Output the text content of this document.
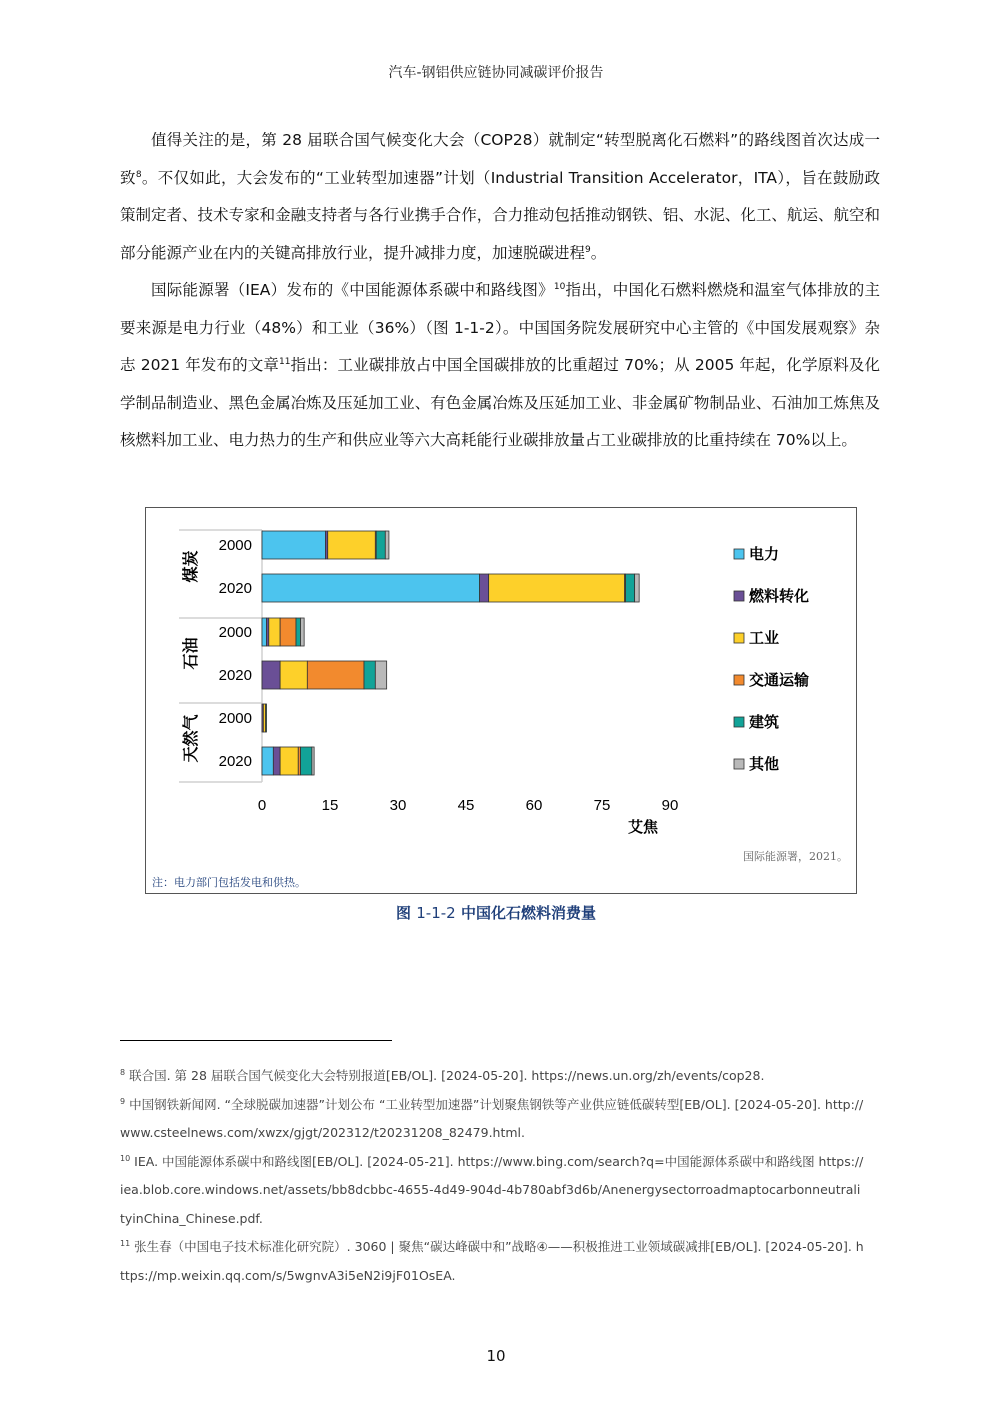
汽车-钢铝供应链协同减碳评价报告

值得关注的是，第 28 届联合国气候变化大会（COP28）就制定“转型脱离化石燃料”的路线图首次达成一致$^8$。不仅如此，大会发布的“工业转型加速器”计划（Industrial Transition Accelerator，ITA），旨在鼓励政策制定者、技术专家和金融支持者与各行业携手合作，合力推动包括推动钢铁、铝、水泥、化工、航运、航空和部分能源产业在内的关键高排放行业，提升减排力度，加速脱碳进程$^9$。

国际能源署（IEA）发布的《中国能源体系碳中和路线图》$^{10}$指出，中国化石燃料燃烧和温室气体排放的主要来源是电力行业（48%）和工业（36%）（图 1-1-2）。中国国务院发展研究中心主管的《中国发展观察》杂志 2021 年发布的文章$^{11}$指出：工业碳排放占中国全国碳排放的比重超过 70%；从 2005 年起，化学原料及化学制品制造业、黑色金属冶炼及压延加工业、有色金属冶炼及压延加工业、非金属矿物制品业、石油加工炼焦及核燃料加工业、电力热力的生产和供应业等六大高耗能行业碳排放量占工业碳排放的比重持续在 70%以上。

煤炭
2000
2020
石油
2000
2020
天然气 2000
2020
0	15	30	45	60	75	90
艾焦
电力
燃料转化
工业
交通运输
建筑
其他
国际能源署，2021。
注：电力部门包括发电和供热。
图 1-1-2 中国化石燃料消费量

$^8$ 联合国. 第 28 届联合国气候变化大会特别报道[EB/OL]. [2024-05-20]. https://news.un.org/zh/events/cop28.

$^9$ 中国钢铁新闻网. “全球脱碳加速器”计划公布 “工业转型加速器”计划聚焦钢铁等产业供应链低碳转型[EB/OL]. [2024-05-20]. http://www.csteelnews.com/xwzx/gjgt/202312/t20231208_82479.html.

$^{10}$ IEA. 中国能源体系碳中和路线图[EB/OL]. [2024-05-21]. https://www.bing.com/search?q=中国能源体系碳中和路线图 https://iea.blob.core.windows.net/assets/bb8dcbbc-4655-4d49-904d-4b780abf3d6b/AnenergysectorroadmaptocarbonneutralityinChina_Chinese.pdf.

$^{11}$ 张生春（中国电子技术标准化研究院）. 3060 | 聚焦“碳达峰碳中和”战略④——积极推进工业领域碳减排[EB/OL]. [2024-05-20]. https://mp.weixin.qq.com/s/5wgnvA3i5eN2i9jF01OsEA.

10
